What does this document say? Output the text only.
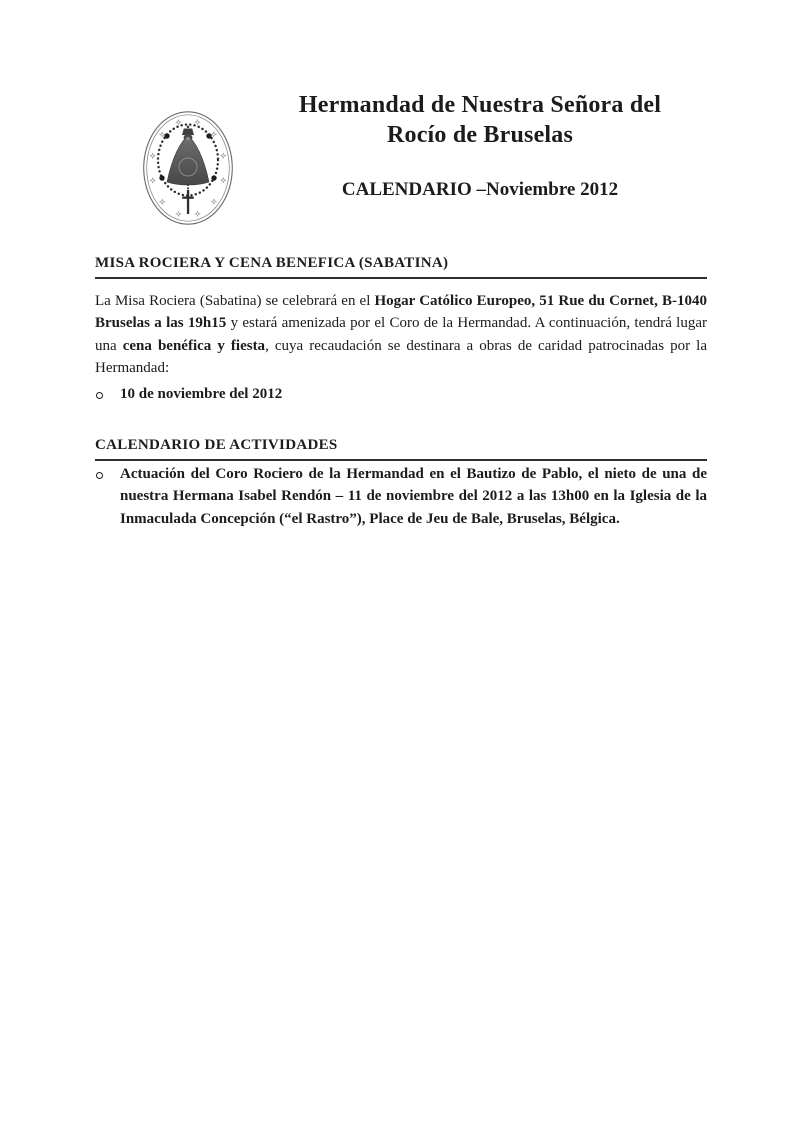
Hermandad de Nuestra Señora del
Rocío de Bruselas
CALENDARIO –Noviembre 2012
MISA ROCIERA Y CENA BENEFICA (SABATINA)

La Misa Rociera (Sabatina) se celebrará en el Hogar Católico Europeo, 51 Rue du Cornet, B-1040 Bruselas a las 19h15 y estará amenizada por el Coro de la Hermandad. A continuación, tendrá lugar una cena benéfica y fiesta, cuya recaudación se destinara a obras de caridad patrocinadas por la Hermandad:

10 de noviembre del 2012
CALENDARIO DE ACTIVIDADES
Actuación del Coro Rociero de la Hermandad en el Bautizo de Pablo, el nieto de una de nuestra Hermana Isabel Rendón – 11 de noviembre del 2012 a las 13h00 en la Iglesia de la Inmaculada Concepción (“el Rastro”), Place de Jeu de Bale, Bruselas, Bélgica.
